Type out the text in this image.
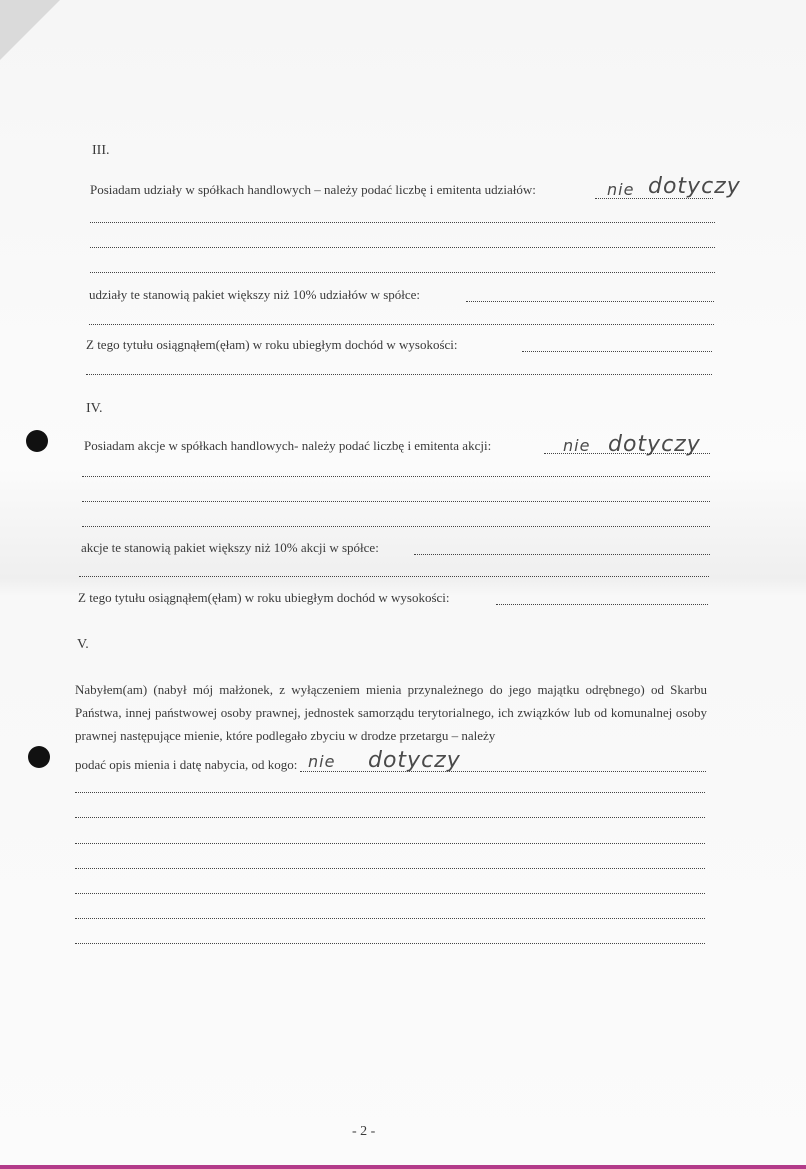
III.
Posiadam udziały w spółkach handlowych – należy podać liczbę i emitenta udziałów:	nie dotyczy
udziały te stanowią pakiet większy niż 10% udziałów w spółce:
Z tego tytułu osiągnąłem(ęłam) w roku ubiegłym dochód w wysokości:
IV.
Posiadam akcje w spółkach handlowych- należy podać liczbę i emitenta akcji:	nie dotyczy
akcje te stanowią pakiet większy niż 10% akcji w spółce:
Z tego tytułu osiągnąłem(ęłam) w roku ubiegłym dochód w wysokości:
V.
Nabyłem(am) (nabył mój małżonek, z wyłączeniem mienia przynależnego do jego majątku odrębnego) od Skarbu Państwa, innej państwowej osoby prawnej, jednostek samorządu terytorialnego, ich związków lub od komunalnej osoby prawnej następujące mienie, które podlegało zbyciu w drodze przetargu – należy
podać opis mienia i datę nabycia, od kogo: nie dotyczy
- 2 -
